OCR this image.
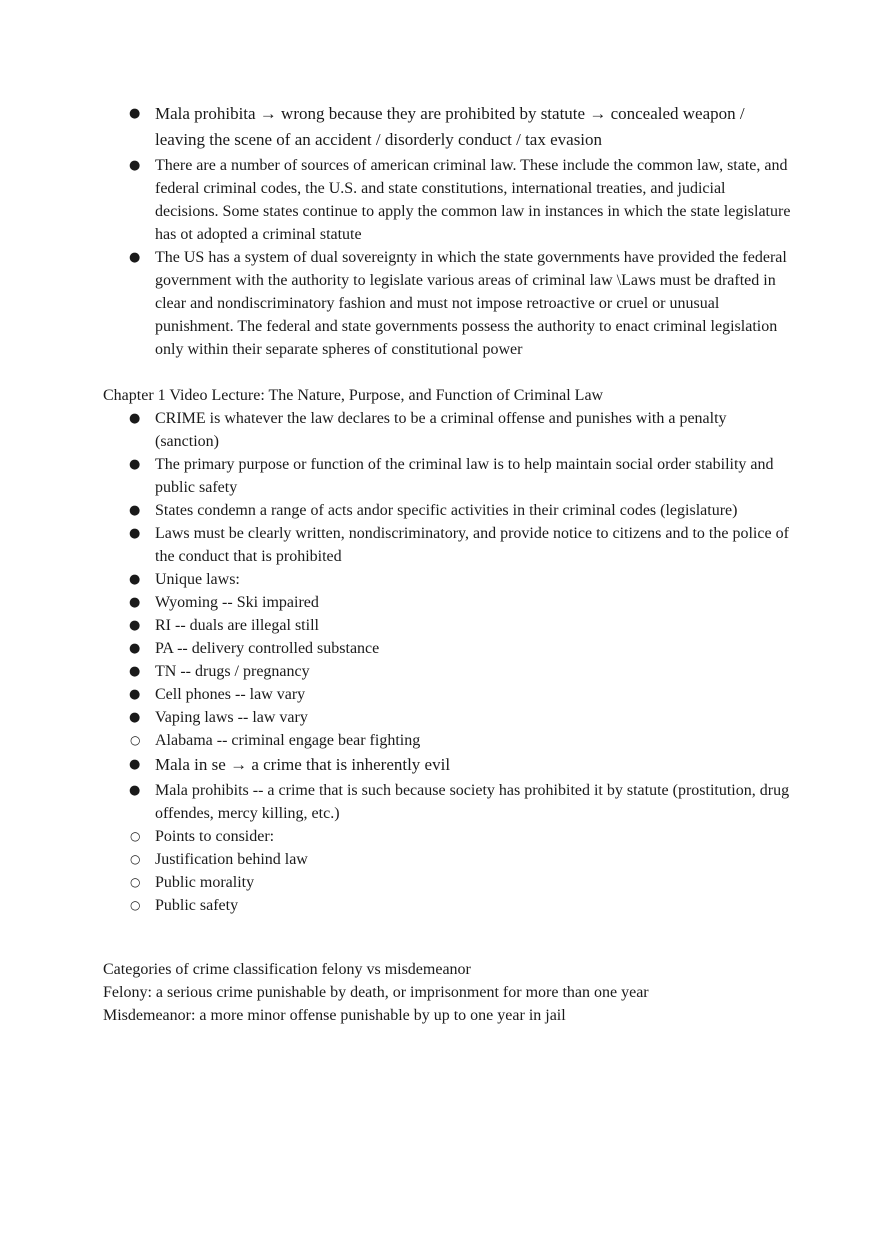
● Mala prohibita → wrong because they are prohibited by statute → concealed weapon / leaving the scene of an accident / disorderly conduct / tax evasion
● There are a number of sources of american criminal law. These include the common law, state, and federal criminal codes, the U.S. and state constitutions, international treaties, and judicial decisions. Some states continue to apply the common law in instances in which the state legislature has ot adopted a criminal statute
● The US has a system of dual sovereignty in which the state governments have provided the federal government with the authority to legislate various areas of criminal law \Laws must be drafted in clear and nondiscriminatory fashion and must not impose retroactive or cruel or unusual punishment. The federal and state governments possess the authority to enact criminal legislation only within their separate spheres of constitutional power
Chapter 1 Video Lecture: The Nature, Purpose, and Function of Criminal Law
● CRIME is whatever the law declares to be a criminal offense and punishes with a penalty (sanction)
● The primary purpose or function of the criminal law is to help maintain social order stability and public safety
● States condemn a range of acts andor specific activities in their criminal codes (legislature)
● Laws must be clearly written, nondiscriminatory, and provide notice to citizens and to the police of the conduct that is prohibited
● Unique laws:
● Wyoming -- Ski impaired
● RI -- duals are illegal still
● PA -- delivery controlled substance
● TN -- drugs / pregnancy
● Cell phones -- law vary
● Vaping laws -- law vary
○ Alabama -- criminal engage bear fighting
● Mala in se → a crime that is inherently evil
● Mala prohibits -- a crime that is such because society has prohibited it by statute (prostitution, drug offendes, mercy killing, etc.)
○ Points to consider:
○ Justification behind law
○ Public morality
○ Public safety
Categories of crime classification felony vs misdemeanor
Felony: a serious crime punishable by death, or imprisonment for more than one year
Misdemeanor: a more minor offense punishable by up to one year in jail
